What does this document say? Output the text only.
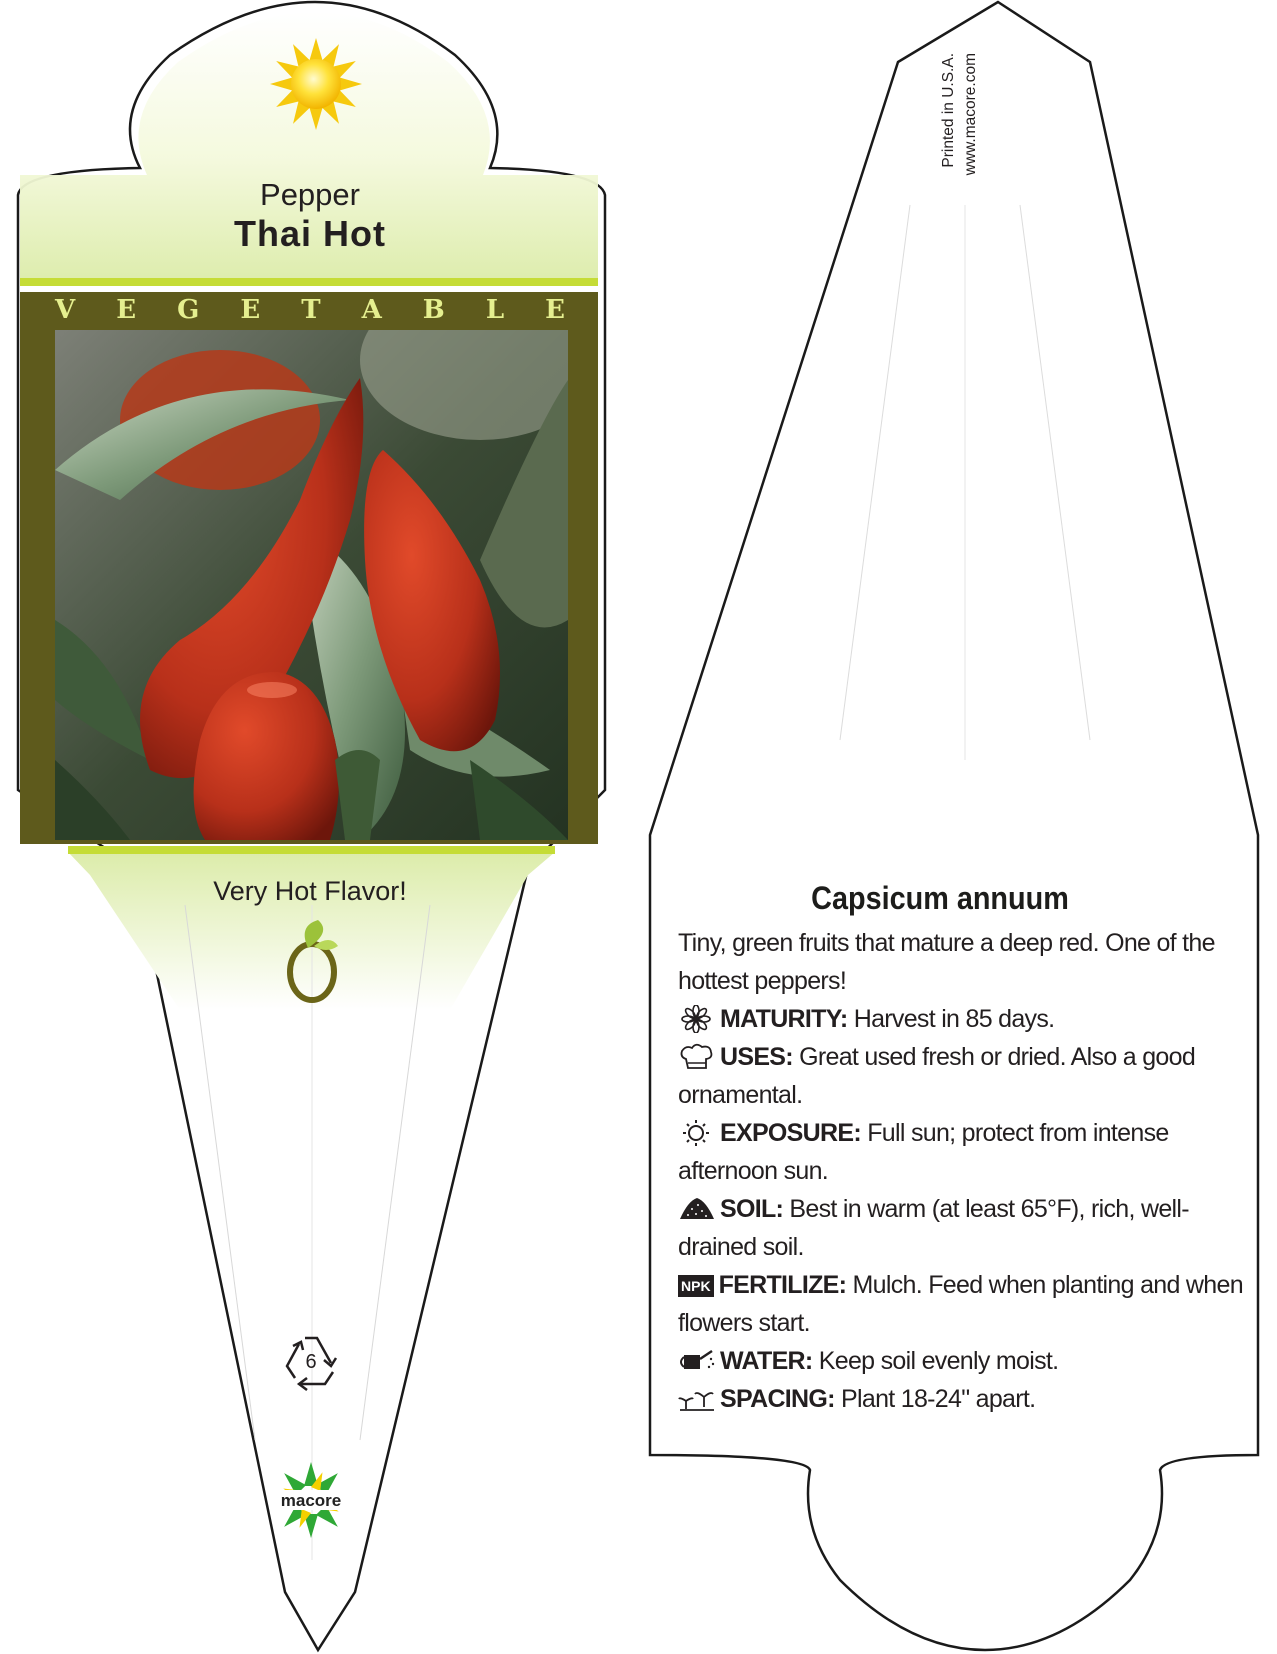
Pepper
Thai Hot
V E G E T A B L E
Very Hot Flavor!
6
macore
Printed in U.S.A. www.macore.com
Capsicum annuum

Tiny, green fruits that mature a deep red. One of the hottest peppers!

MATURITY: Harvest in 85 days.

USES: Great used fresh or dried. Also a good ornamental.

EXPOSURE: Full sun; protect from intense afternoon sun.

SOIL: Best in warm (at least 65°F), rich, well-drained soil.

NPK FERTILIZE: Mulch. Feed when planting and when flowers start.

WATER: Keep soil evenly moist.

SPACING: Plant 18-24" apart.
